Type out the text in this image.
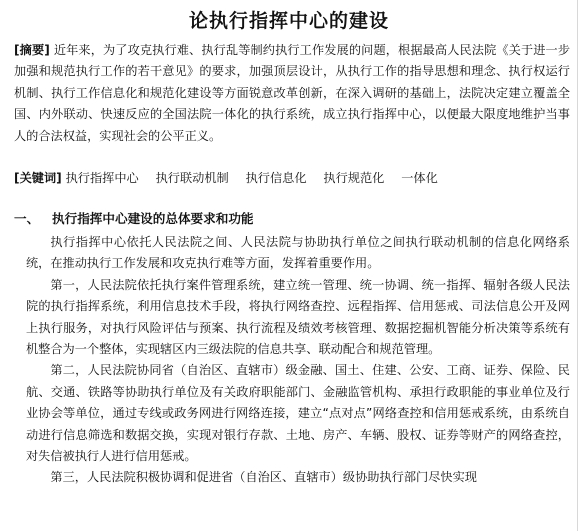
论执行指挥中心的建设
[摘要] 近年来，为了攻克执行难、执行乱等制约执行工作发展的问题，根据最高人民法院《关于进一步加强和规范执行工作的若干意见》的要求，加强顶层设计，从执行工作的指导思想和理念、执行权运行机制、执行工作信息化和规范化建设等方面锐意改革创新，在深入调研的基础上，法院决定建立覆盖全国、内外联动、快速反应的全国法院一体化的执行系统，成立执行指挥中心，以便最大限度地维护当事人的合法权益，实现社会的公平正义。
[关键词] 执行指挥中心 执行联动机制 执行信息化 执行规范化 一体化
一、 执行指挥中心建设的总体要求和功能

执行指挥中心依托人民法院之间、人民法院与协助执行单位之间执行联动机制的信息化网络系统，在推动执行工作发展和攻克执行难等方面，发挥着重要作用。

第一，人民法院依托执行案件管理系统，建立统一管理、统一协调、统一指挥、辐射各级人民法院的执行指挥系统，利用信息技术手段，将执行网络查控、远程指挥、信用惩戒、司法信息公开及网上执行服务，对执行风险评估与预案、执行流程及绩效考核管理、数据挖掘机智能分析决策等系统有机整合为一个整体，实现辖区内三级法院的信息共享、联动配合和规范管理。

第二，人民法院协同省（自治区、直辖市）级金融、国土、住建、公安、工商、证券、保险、民航、交通、铁路等协助执行单位及有关政府职能部门、金融监管机构、承担行政职能的事业单位及行业协会等单位，通过专线或政务网进行网络连接，建立“点对点”网络查控和信用惩戒系统，由系统自动进行信息筛选和数据交换，实现对银行存款、土地、房产、车辆、股权、证券等财产的网络查控，对失信被执行人进行信用惩戒。

第三，人民法院积极协调和促进省（自治区、直辖市）级协助执行部门尽快实现
